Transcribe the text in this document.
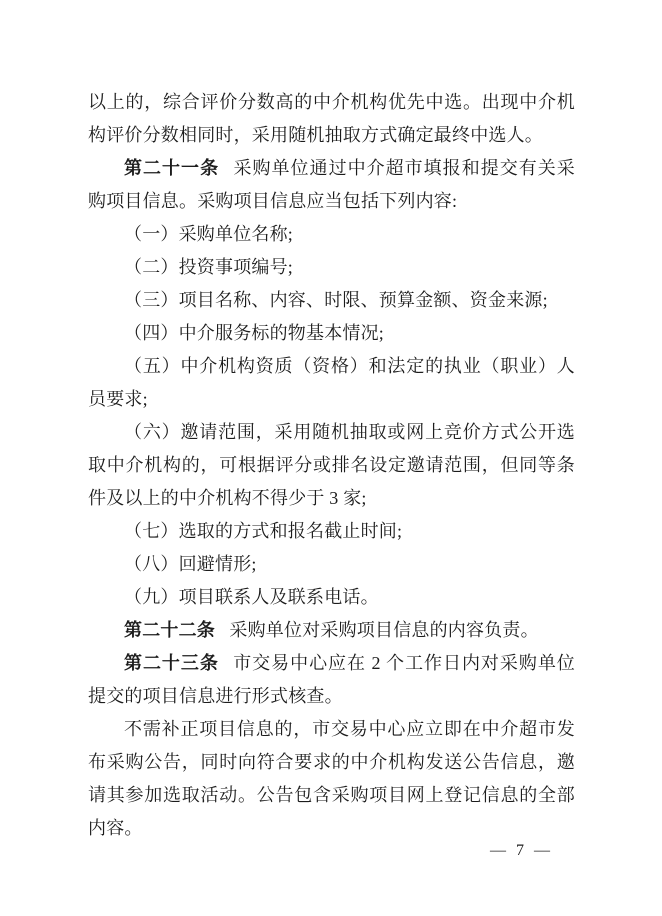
以上的，综合评价分数高的中介机构优先中选。出现中介机构评价分数相同时，采用随机抽取方式确定最终中选人。

第二十一条 采购单位通过中介超市填报和提交有关采购项目信息。采购项目信息应当包括下列内容:

（一）采购单位名称;

（二）投资事项编号;

（三）项目名称、内容、时限、预算金额、资金来源;

（四）中介服务标的物基本情况;

（五）中介机构资质（资格）和法定的执业（职业）人员要求;

（六）邀请范围，采用随机抽取或网上竞价方式公开选取中介机构的，可根据评分或排名设定邀请范围，但同等条件及以上的中介机构不得少于 3 家;

（七）选取的方式和报名截止时间;

（八）回避情形;

（九）项目联系人及联系电话。

第二十二条 采购单位对采购项目信息的内容负责。

第二十三条 市交易中心应在 2 个工作日内对采购单位提交的项目信息进行形式核查。

不需补正项目信息的，市交易中心应立即在中介超市发布采购公告，同时向符合要求的中介机构发送公告信息，邀请其参加选取活动。公告包含采购项目网上登记信息的全部内容。

— 7 —
